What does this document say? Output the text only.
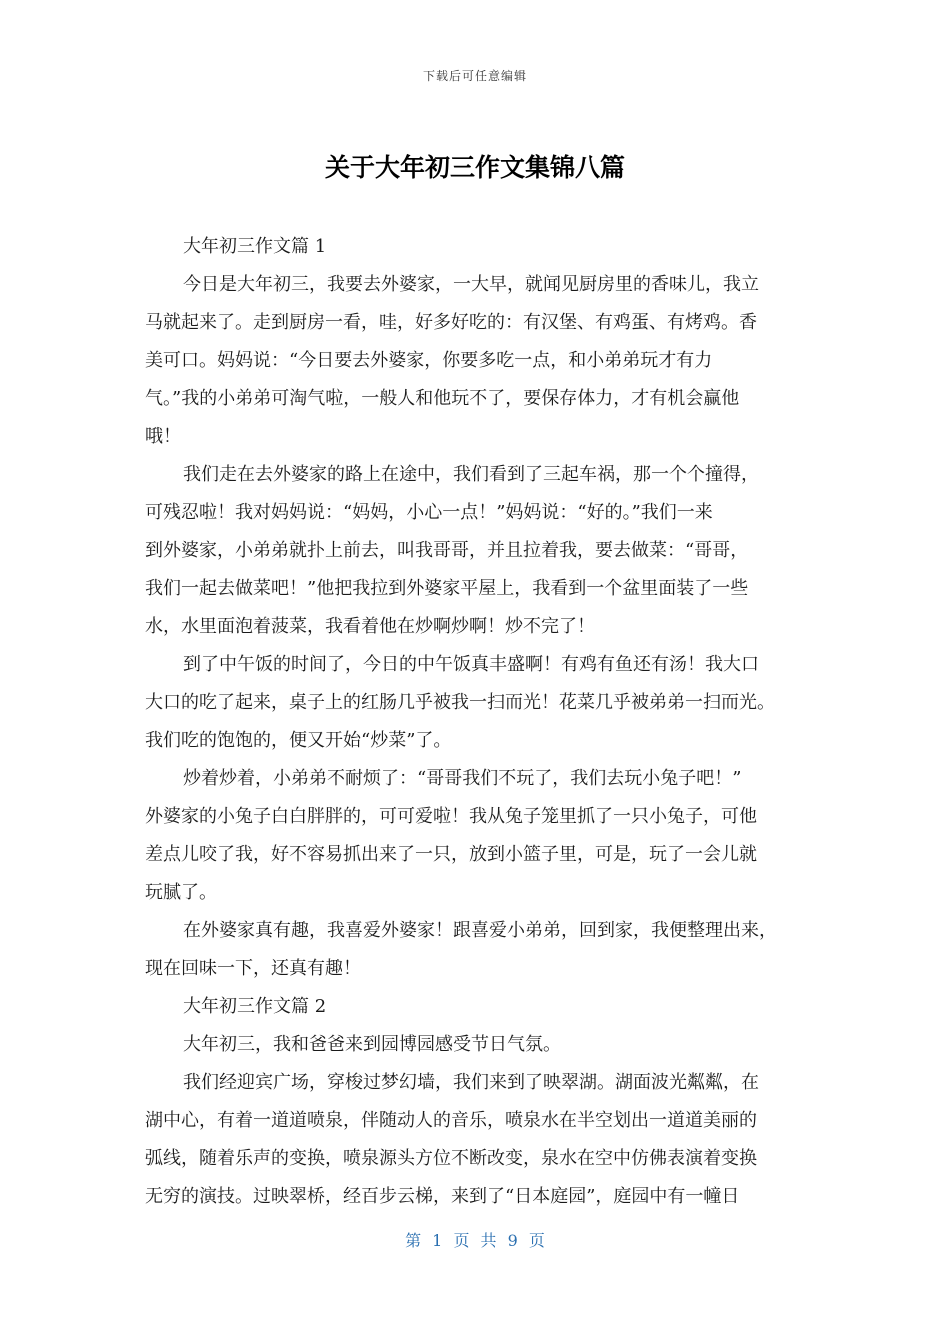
下载后可任意编辑
关于大年初三作文集锦八篇
大年初三作文篇 1
今日是大年初三，我要去外婆家，一大早，就闻见厨房里的香味儿，我立
马就起来了。走到厨房一看，哇，好多好吃的：有汉堡、有鸡蛋、有烤鸡。香
美可口。妈妈说：“今日要去外婆家，你要多吃一点，和小弟弟玩才有力
气。”我的小弟弟可淘气啦，一般人和他玩不了，要保存体力，才有机会赢他
哦！
我们走在去外婆家的路上在途中，我们看到了三起车祸，那一个个撞得，
可残忍啦！我对妈妈说：“妈妈，小心一点！”妈妈说：“好的。”我们一来
到外婆家，小弟弟就扑上前去，叫我哥哥，并且拉着我，要去做菜：“哥哥，
我们一起去做菜吧！”他把我拉到外婆家平屋上，我看到一个盆里面装了一些
水，水里面泡着菠菜，我看着他在炒啊炒啊！炒不完了！
到了中午饭的时间了，今日的中午饭真丰盛啊！有鸡有鱼还有汤！我大口
大口的吃了起来，桌子上的红肠几乎被我一扫而光！花菜几乎被弟弟一扫而光。
我们吃的饱饱的，便又开始“炒菜”了。
炒着炒着，小弟弟不耐烦了：“哥哥我们不玩了，我们去玩小兔子吧！”
外婆家的小兔子白白胖胖的，可可爱啦！我从兔子笼里抓了一只小兔子，可他
差点儿咬了我，好不容易抓出来了一只，放到小篮子里，可是，玩了一会儿就
玩腻了。
在外婆家真有趣，我喜爱外婆家！跟喜爱小弟弟，回到家，我便整理出来，
现在回味一下，还真有趣！
大年初三作文篇 2
大年初三，我和爸爸来到园博园感受节日气氛。
我们经迎宾广场，穿梭过梦幻墙，我们来到了映翠湖。湖面波光粼粼，在
湖中心，有着一道道喷泉，伴随动人的音乐，喷泉水在半空划出一道道美丽的
弧线，随着乐声的变换，喷泉源头方位不断改变，泉水在空中仿佛表演着变换
无穷的演技。过映翠桥，经百步云梯，来到了“日本庭园”，庭园中有一幢日
第 1 页 共 9 页
